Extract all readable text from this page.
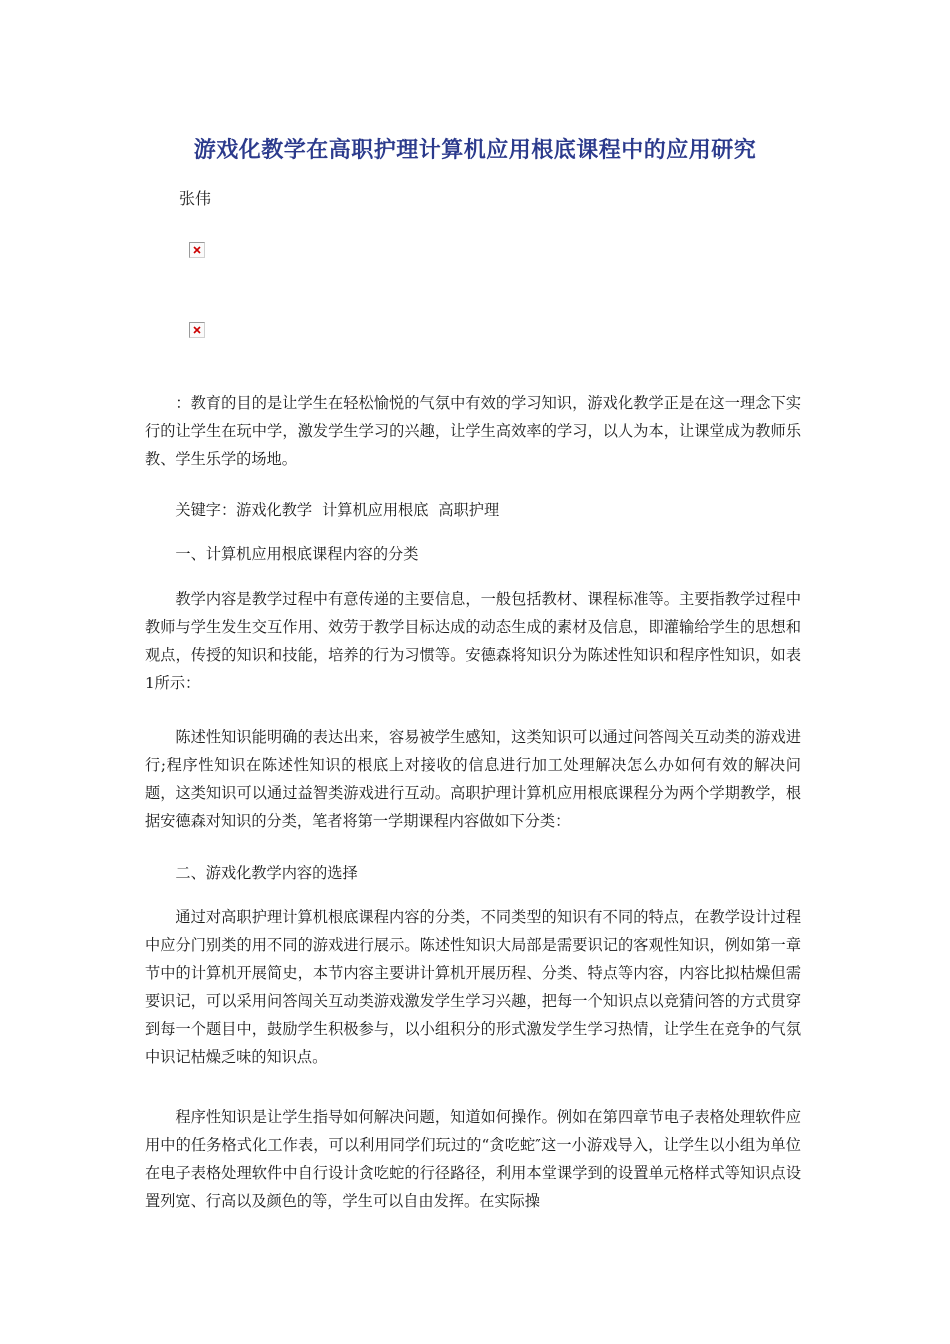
游戏化教学在高职护理计算机应用根底课程中的应用研究
张伟

：教育的目的是让学生在轻松愉悦的气氛中有效的学习知识，游戏化教学正是在这一理念下实行的让学生在玩中学，激发学生学习的兴趣，让学生高效率的学习，以人为本，让课堂成为教师乐教、学生乐学的场地。

关键字：游戏化教学 计算机应用根底 高职护理

一、计算机应用根底课程内容的分类

教学内容是教学过程中有意传递的主要信息，一般包括教材、课程标准等。主要指教学过程中教师与学生发生交互作用、效劳于教学目标达成的动态生成的素材及信息，即灌输给学生的思想和观点，传授的知识和技能，培养的行为习惯等。安德森将知识分为陈述性知识和程序性知识，如表1所示：

陈述性知识能明确的表达出来，容易被学生感知，这类知识可以通过问答闯关互动类的游戏进行;程序性知识在陈述性知识的根底上对接收的信息进行加工处理解决怎么办如何有效的解决问题，这类知识可以通过益智类游戏进行互动。高职护理计算机应用根底课程分为两个学期教学，根据安德森对知识的分类，笔者将第一学期课程内容做如下分类：

二、游戏化教学内容的选择

通过对高职护理计算机根底课程内容的分类，不同类型的知识有不同的特点，在教学设计过程中应分门别类的用不同的游戏进行展示。陈述性知识大局部是需要识记的客观性知识，例如第一章节中的计算机开展简史，本节内容主要讲计算机开展历程、分类、特点等内容，内容比拟枯燥但需要识记，可以采用问答闯关互动类游戏激发学生学习兴趣，把每一个知识点以竞猜问答的方式贯穿到每一个题目中，鼓励学生积极参与，以小组积分的形式激发学生学习热情，让学生在竞争的气氛中识记枯燥乏味的知识点。

程序性知识是让学生指导如何解决问题，知道如何操作。例如在第四章节电子表格处理软件应用中的任务格式化工作表，可以利用同学们玩过的“贪吃蛇″这一小游戏导入，让学生以小组为单位在电子表格处理软件中自行设计贪吃蛇的行径路径，利用本堂课学到的设置单元格样式等知识点设置列宽、行高以及颜色的等，学生可以自由发挥。在实际操
